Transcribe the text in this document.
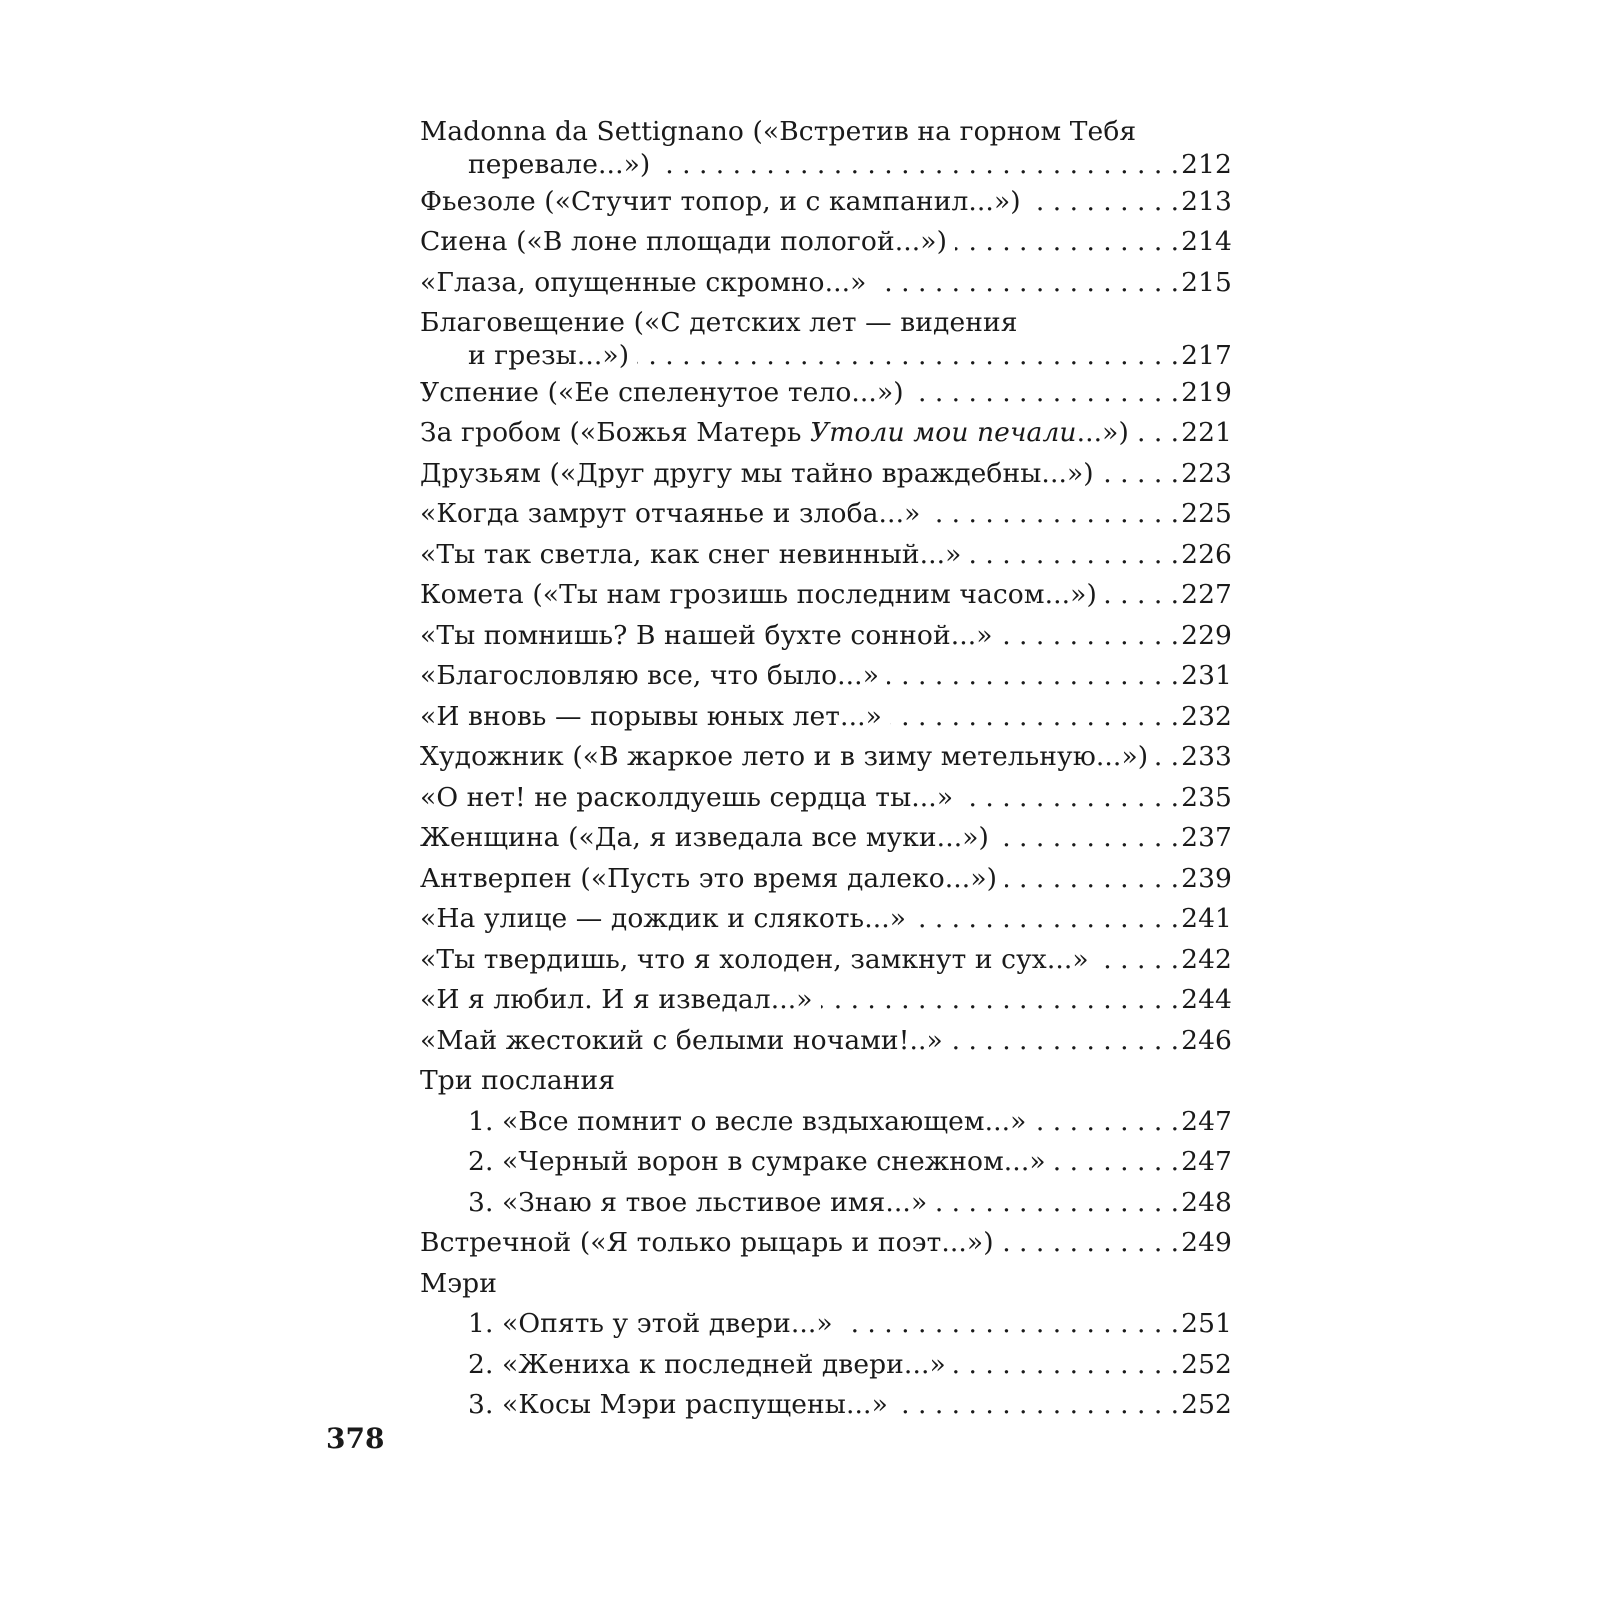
Madonna da Settignano («Встретив на горном Тебя
перевале...») . . .	212
Фьезоле («Стучит топор, и с кампанил...») . . .	213
Сиена («В лоне площади пологой...») . . .	214
«Глаза, опущенные скромно...» . . .	215
Благовещение («С детских лет — видения
и грезы...») . . .	217
Успение («Ее спеленутое тело...») . . .	219
За гробом («Божья Матерь Утоли мои печали...») . . . 221
Друзьям («Друг другу мы тайно враждебны...») . . .	223
«Когда замрут отчаянье и злоба...» . . .	225
«Ты так светла, как снег невинный...» . . .	226
Комета («Ты нам грозишь последним часом...») . . .	227
«Ты помнишь? В нашей бухте сонной...» . . .	229
«Благословляю все, что было...» . . .	231
«И вновь — порывы юных лет...» . . .	232
Художник («В жаркое лето и в зиму метельную...») . . . 233
«О нет! не расколдуешь сердца ты...» . . .	235
Женщина («Да, я изведала все муки...») . . .	237
Антверпен («Пусть это время далеко...») . . .	239
«На улице — дождик и слякоть...» . . .	241
«Ты твердишь, что я холоден, замкнут и сух...» . . .	242
«И я любил. И я изведал...» . . .	244
«Май жестокий с белыми ночами!..» . . .	246
Три послания
1. «Все помнит о весле вздыхающем...» . . .	247
2. «Черный ворон в сумраке снежном...» . . .	247
3. «Знаю я твое льстивое имя...» . . .	248
Встречной («Я только рыцарь и поэт...») . . .	249
Мэри
1. «Опять у этой двери...» . . .	251
2. «Жениха к последней двери...» . . .	252
3. «Косы Мэри распущены...» . . .	252
378
